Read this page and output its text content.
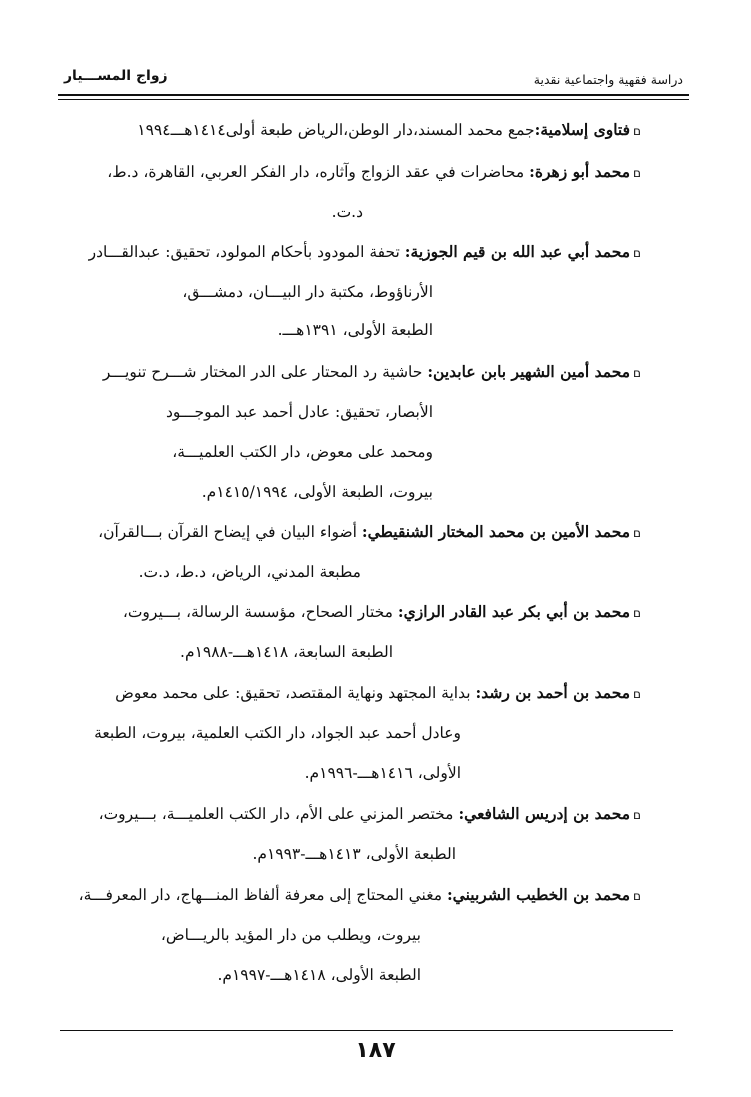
زواج المســـيار	دراسة فقهية واجتماعية نقدية
םفتاوى إسلامية:جمع محمد المسند،دار الوطن،الرياض طبعة أولى١٤١٤هـــ١٩٩٤
םمحمد أبو زهرة: محاضرات في عقد الزواج وآثاره، دار الفكر العربي، القاهرة، د.ط،
د.ت.
םمحمد أبي عبد الله بن قيم الجوزية: تحفة المودود بأحكام المولود، تحقيق: عبدالقـــادر
الأرناؤوط، مكتبة دار البيـــان، دمشـــق،
الطبعة الأولى، ١٣٩١هـــ.
םمحمد أمين الشهير بابن عابدين: حاشية رد المحتار على الدر المختار شـــرح تنويـــر
الأبصار، تحقيق: عادل أحمد عبد الموجـــود
ومحمد على معوض، دار الكتب العلميـــة،
بيروت، الطبعة الأولى، ١٤١٥/١٩٩٤م.
םمحمد الأمين بن محمد المختار الشنقيطي: أضواء البيان في إيضاح القرآن بـــالقرآن،
مطبعة المدني، الرياض، د.ط، د.ت.
םمحمد بن أبي بكر عبد القادر الرازي: مختار الصحاح، مؤسسة الرسالة، بـــيروت،
الطبعة السابعة، ١٤١٨هـــ-١٩٨٨م.
םمحمد بن أحمد بن رشد: بداية المجتهد ونهاية المقتصد، تحقيق: على محمد معوض
وعادل أحمد عبد الجواد، دار الكتب العلمية، بيروت، الطبعة
الأولى، ١٤١٦هـــ-١٩٩٦م.
םمحمد بن إدريس الشافعي: مختصر المزني على الأم، دار الكتب العلميـــة، بـــيروت،
الطبعة الأولى، ١٤١٣هـــ-١٩٩٣م.
םمحمد بن الخطيب الشربيني: مغني المحتاج إلى معرفة ألفاظ المنـــهاج، دار المعرفـــة،
بيروت، ويطلب من دار المؤيد بالريـــاض،
الطبعة الأولى، ١٤١٨هـــ-١٩٩٧م.
١٨٧
